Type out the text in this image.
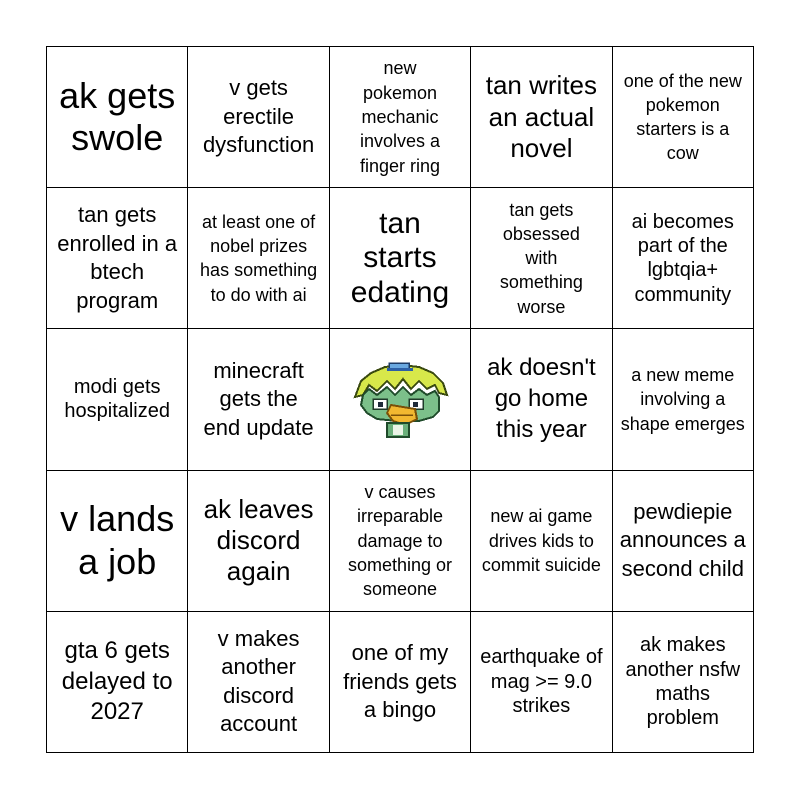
ak gets swole
v gets erectile dysfunction
new pokemon mechanic involves a finger ring
tan writes an actual novel
one of the new pokemon starters is a cow
tan gets enrolled in a btech program
at least one of nobel prizes has something to do with ai
tan starts edating
tan gets obsessed with something worse
ai becomes part of the lgbtqia+ community
modi gets hospitalized
minecraft gets the end update
ak doesn't go home this year
a new meme involving a shape emerges
v lands a job
ak leaves discord again
v causes irreparable damage to something or someone
new ai game drives kids to commit suicide
pewdiepie announces a second child
gta 6 gets delayed to 2027
v makes another discord account
one of my friends gets a bingo
earthquake of mag >= 9.0 strikes
ak makes another nsfw maths problem
